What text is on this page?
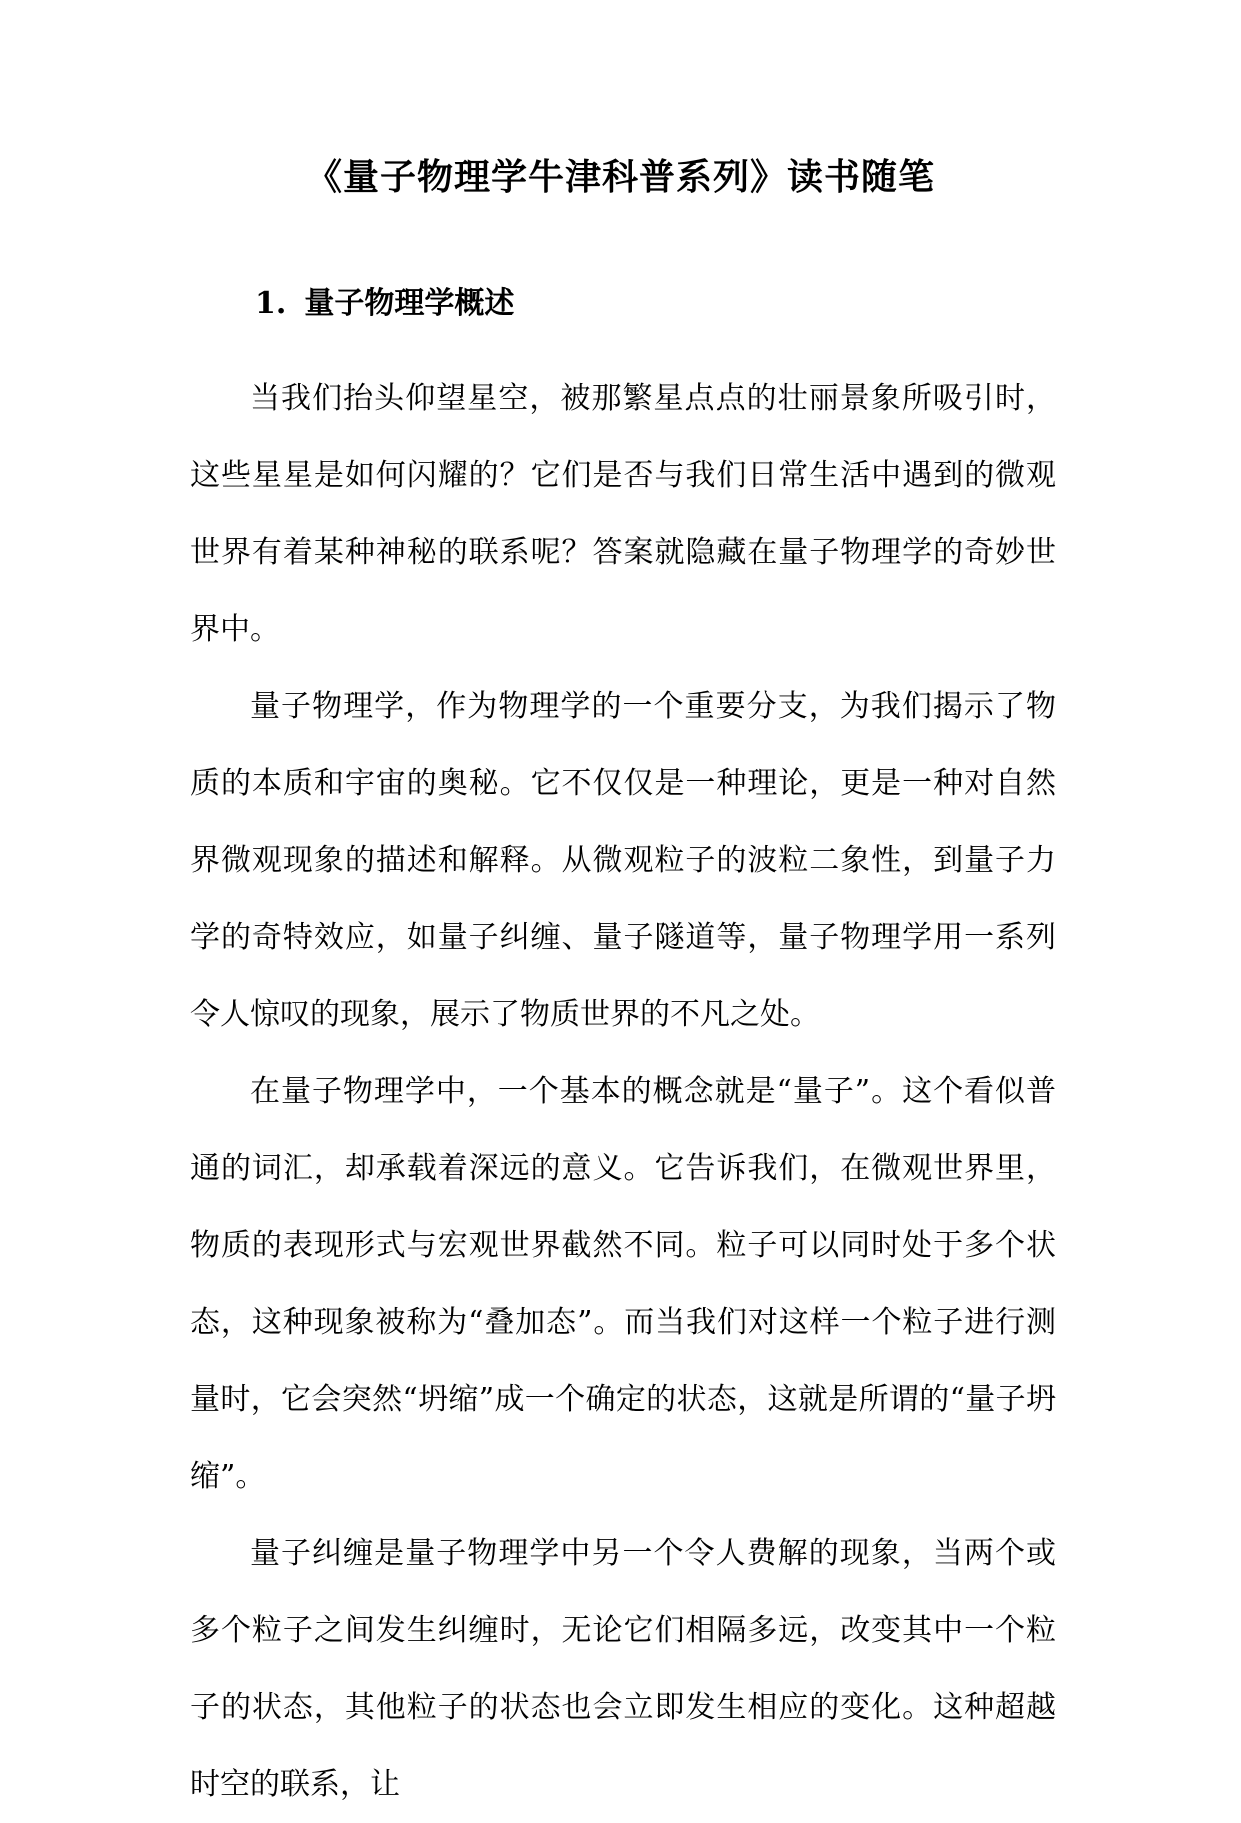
《量子物理学牛津科普系列》读书随笔
1. 量子物理学概述

当我们抬头仰望星空，被那繁星点点的壮丽景象所吸引时，这些星星是如何闪耀的？它们是否与我们日常生活中遇到的微观世界有着某种神秘的联系呢？答案就隐藏在量子物理学的奇妙世界中。

量子物理学，作为物理学的一个重要分支，为我们揭示了物质的本质和宇宙的奥秘。它不仅仅是一种理论，更是一种对自然界微观现象的描述和解释。从微观粒子的波粒二象性，到量子力学的奇特效应，如量子纠缠、量子隧道等，量子物理学用一系列令人惊叹的现象，展示了物质世界的不凡之处。

在量子物理学中，一个基本的概念就是“量子”。这个看似普通的词汇，却承载着深远的意义。它告诉我们，在微观世界里，物质的表现形式与宏观世界截然不同。粒子可以同时处于多个状态，这种现象被称为“叠加态”。而当我们对这样一个粒子进行测量时，它会突然“坍缩”成一个确定的状态，这就是所谓的“量子坍缩”。

量子纠缠是量子物理学中另一个令人费解的现象，当两个或多个粒子之间发生纠缠时，无论它们相隔多远，改变其中一个粒子的状态，其他粒子的状态也会立即发生相应的变化。这种超越时空的联系，让
